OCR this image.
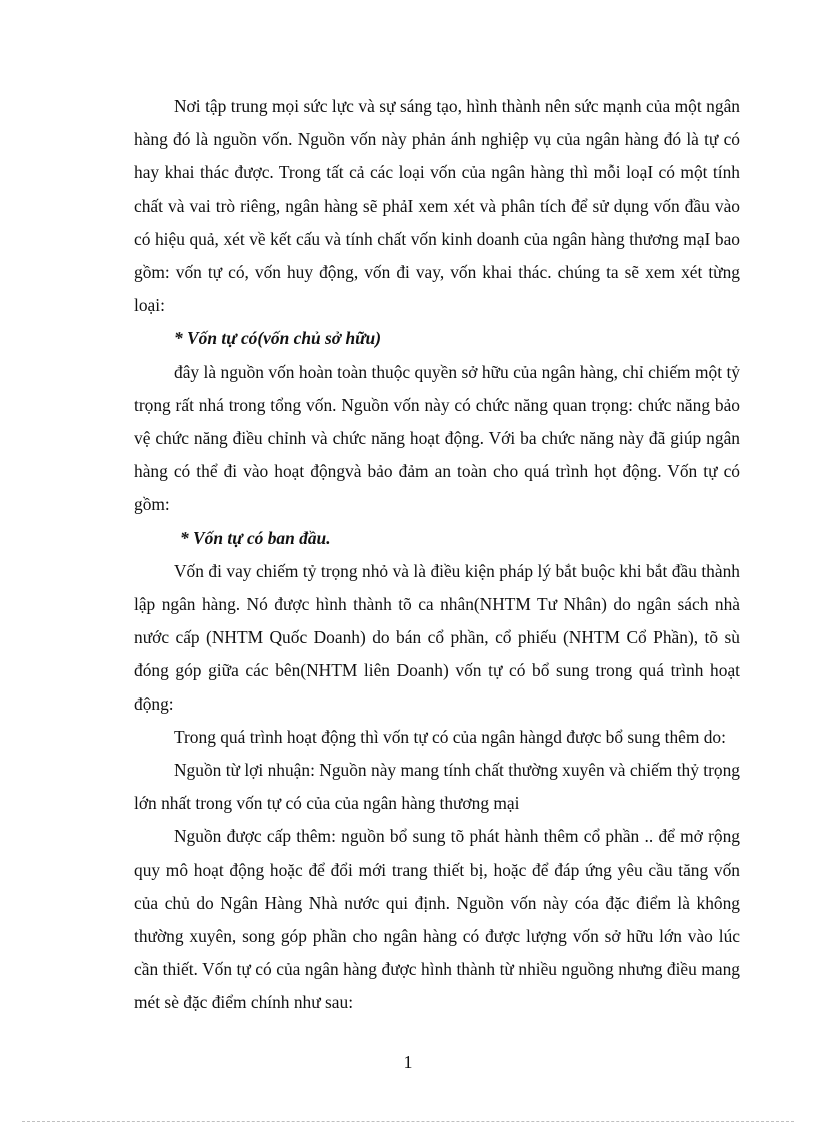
Nơi tập trung mọi sức lực và sự sáng tạo, hình thành nên sức mạnh của một ngân hàng đó là nguồn vốn. Nguồn vốn này phản ánh nghiệp vụ của ngân hàng đó là tự có hay khai thác được. Trong tất cả các loại vốn của ngân hàng thì mỗi loạI có một tính chất và vai trò riêng, ngân hàng sẽ phảI xem xét và phân tích để sử dụng vốn đầu vào có hiệu quả, xét về kết cấu và tính chất vốn kinh doanh của ngân hàng thương mạI bao gồm: vốn tự có, vốn huy động, vốn đi vay, vốn khai thác. chúng ta sẽ xem xét từng loại:

* Vốn tự có(vốn chủ sở hữu)

đây là nguồn vốn hoàn toàn thuộc quyền sở hữu của ngân hàng, chỉ chiếm một tỷ trọng rất nhá trong tổng vốn. Nguồn vốn này có chức năng quan trọng: chức năng bảo vệ chức năng điều chỉnh và chức năng hoạt động. Với ba chức năng này đã giúp ngân hàng có thể đi vào hoạt độngvà bảo đảm an toàn cho quá trình họt động. Vốn tự có gồm:

* Vốn tự có ban đầu.

Vốn đi vay chiếm tỷ trọng nhỏ và là điều kiện pháp lý bắt buộc khi bắt đầu thành lập ngân hàng. Nó được hình thành tõ ca nhân(NHTM Tư Nhân) do ngân sách nhà nước cấp (NHTM Quốc Doanh) do bán cổ phần, cổ phiếu (NHTM Cổ Phần), tõ sù đóng góp giữa các bên(NHTM liên Doanh) vốn tự có bổ sung trong quá trình hoạt động:

Trong quá trình hoạt động thì vốn tự có của ngân hàngd được bổ sung thêm do:

Nguồn từ lợi nhuận: Nguồn này mang tính chất thường xuyên và chiếm thỷ trọng lớn nhất trong vốn tự có của của ngân hàng thương mại

Nguồn được cấp thêm: nguồn bổ sung tõ phát hành thêm cổ phần .. để mở rộng quy mô hoạt động hoặc để đổi mới trang thiết bị, hoặc để đáp ứng yêu cầu tăng vốn của chủ do Ngân Hàng Nhà nước qui định. Nguồn vốn này cóa đặc điểm là không thường xuyên, song góp phần cho ngân hàng có được lượng vốn sở hữu lớn vào lúc cần thiết. Vốn tự có của ngân hàng được hình thành từ nhiều nguồng nhưng điều mang mét sè đặc điểm chính như sau:

1
